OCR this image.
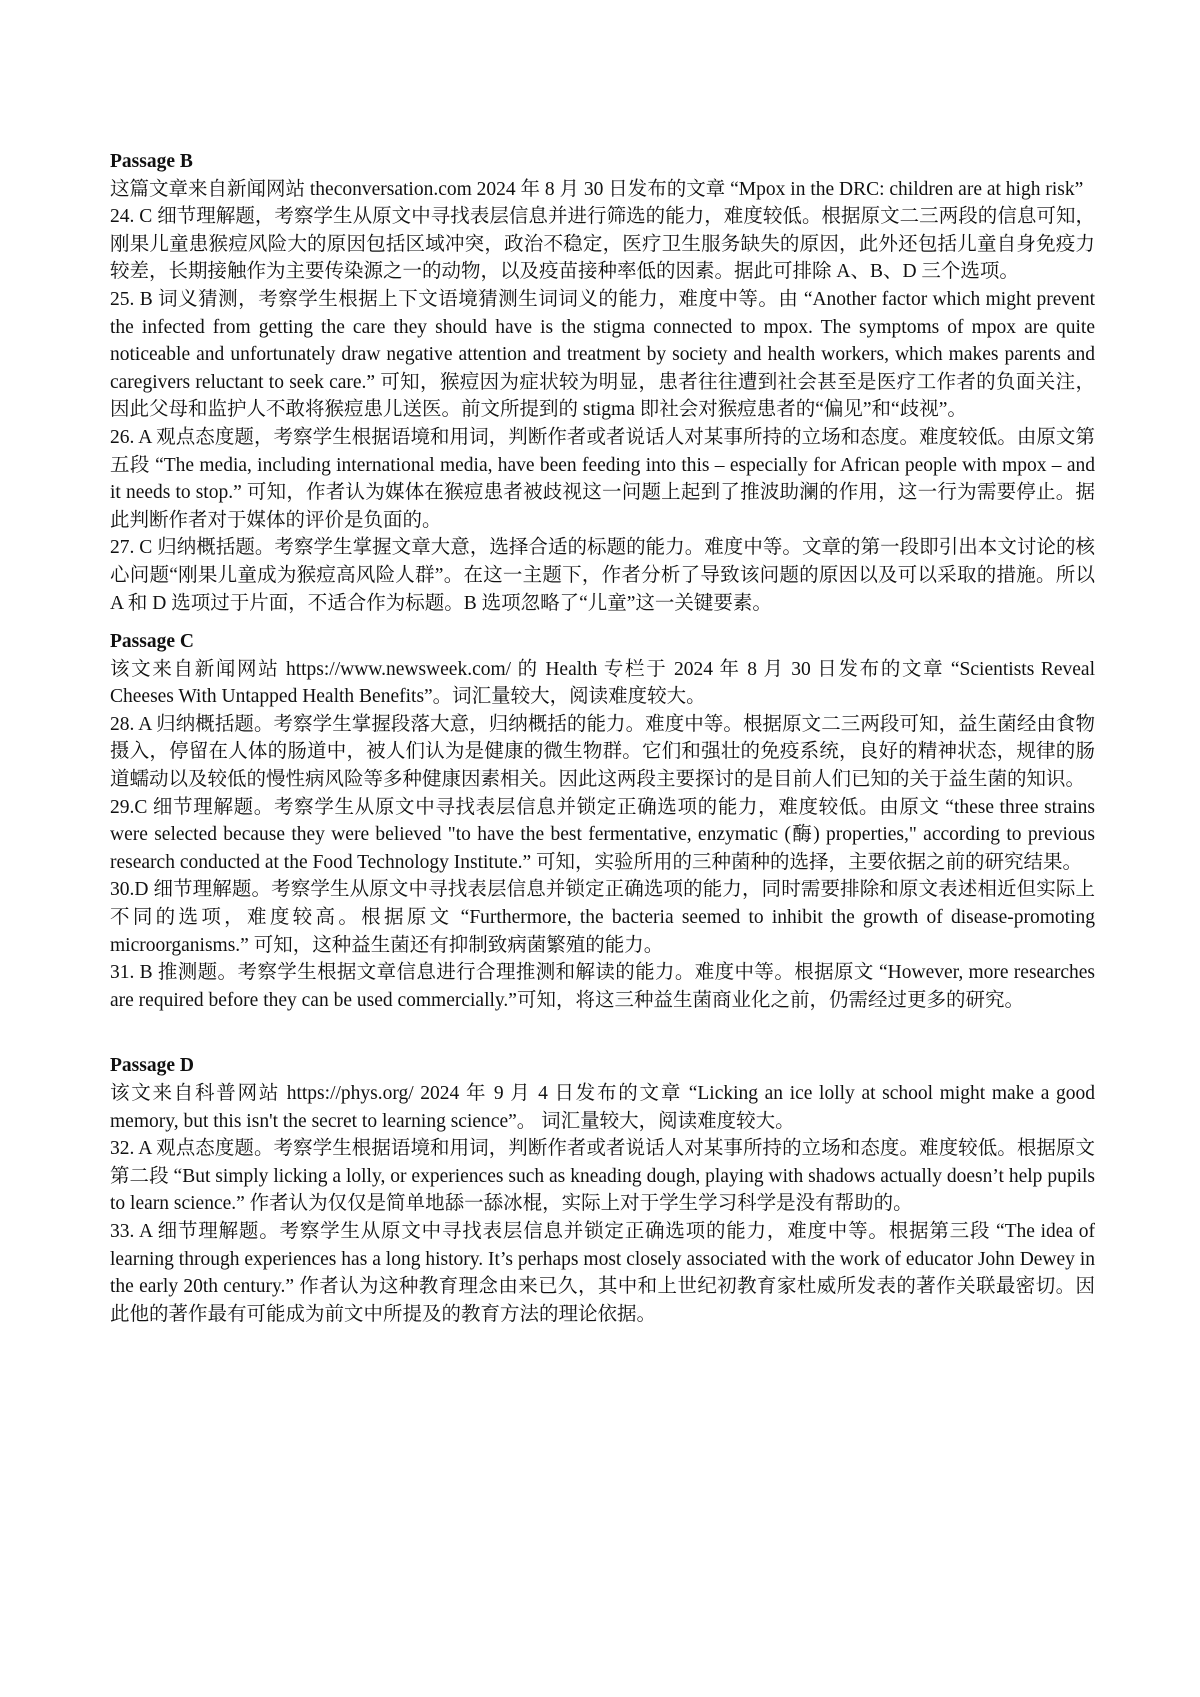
Passage B

这篇文章来自新闻网站 theconversation.com 2024 年 8 月 30 日发布的文章 “Mpox in the DRC: children are at high risk”

24. C 细节理解题，考察学生从原文中寻找表层信息并进行筛选的能力，难度较低。根据原文二三两段的信息可知，刚果儿童患猴痘风险大的原因包括区域冲突，政治不稳定，医疗卫生服务缺失的原因，此外还包括儿童自身免疫力较差，长期接触作为主要传染源之一的动物，以及疫苗接种率低的因素。据此可排除 A、B、D 三个选项。

25. B 词义猜测，考察学生根据上下文语境猜测生词词义的能力，难度中等。由 “Another factor which might prevent the infected from getting the care they should have is the stigma connected to mpox. The symptoms of mpox are quite noticeable and unfortunately draw negative attention and treatment by society and health workers, which makes parents and caregivers reluctant to seek care.” 可知，猴痘因为症状较为明显，患者往往遭到社会甚至是医疗工作者的负面关注，因此父母和监护人不敢将猴痘患儿送医。前文所提到的 stigma 即社会对猴痘患者的“偏见”和“歧视”。

26. A 观点态度题，考察学生根据语境和用词，判断作者或者说话人对某事所持的立场和态度。难度较低。由原文第五段 “The media, including international media, have been feeding into this – especially for African people with mpox – and it needs to stop.” 可知，作者认为媒体在猴痘患者被歧视这一问题上起到了推波助澜的作用，这一行为需要停止。据此判断作者对于媒体的评价是负面的。

27. C 归纳概括题。考察学生掌握文章大意，选择合适的标题的能力。难度中等。文章的第一段即引出本文讨论的核心问题“刚果儿童成为猴痘高风险人群”。在这一主题下，作者分析了导致该问题的原因以及可以采取的措施。所以 A 和 D 选项过于片面，不适合作为标题。B 选项忽略了“儿童”这一关键要素。

Passage C

该文来自新闻网站 https://www.newsweek.com/ 的 Health 专栏于 2024 年 8 月 30 日发布的文章 “Scientists Reveal Cheeses With Untapped Health Benefits”。词汇量较大，阅读难度较大。

28. A 归纳概括题。考察学生掌握段落大意，归纳概括的能力。难度中等。根据原文二三两段可知，益生菌经由食物摄入，停留在人体的肠道中，被人们认为是健康的微生物群。它们和强壮的免疫系统，良好的精神状态，规律的肠道蠕动以及较低的慢性病风险等多种健康因素相关。因此这两段主要探讨的是目前人们已知的关于益生菌的知识。

29.C 细节理解题。考察学生从原文中寻找表层信息并锁定正确选项的能力，难度较低。由原文 “these three strains were selected because they were believed "to have the best fermentative, enzymatic (酶) properties," according to previous research conducted at the Food Technology Institute.” 可知，实验所用的三种菌种的选择，主要依据之前的研究结果。

30.D 细节理解题。考察学生从原文中寻找表层信息并锁定正确选项的能力，同时需要排除和原文表述相近但实际上不同的选项，难度较高。根据原文 “Furthermore, the bacteria seemed to inhibit the growth of disease-promoting microorganisms.” 可知，这种益生菌还有抑制致病菌繁殖的能力。

31. B 推测题。考察学生根据文章信息进行合理推测和解读的能力。难度中等。根据原文 “However, more researches are required before they can be used commercially.”可知，将这三种益生菌商业化之前，仍需经过更多的研究。

Passage D

该文来自科普网站 https://phys.org/ 2024 年 9 月 4 日发布的文章 “Licking an ice lolly at school might make a good memory, but this isn't the secret to learning science”。 词汇量较大，阅读难度较大。

32. A 观点态度题。考察学生根据语境和用词，判断作者或者说话人对某事所持的立场和态度。难度较低。根据原文第二段 “But simply licking a lolly, or experiences such as kneading dough, playing with shadows actually doesn’t help pupils to learn science.” 作者认为仅仅是简单地舔一舔冰棍，实际上对于学生学习科学是没有帮助的。

33. A 细节理解题。考察学生从原文中寻找表层信息并锁定正确选项的能力，难度中等。根据第三段 “The idea of learning through experiences has a long history. It’s perhaps most closely associated with the work of educator John Dewey in the early 20th century.” 作者认为这种教育理念由来已久，其中和上世纪初教育家杜威所发表的著作关联最密切。因此他的著作最有可能成为前文中所提及的教育方法的理论依据。
